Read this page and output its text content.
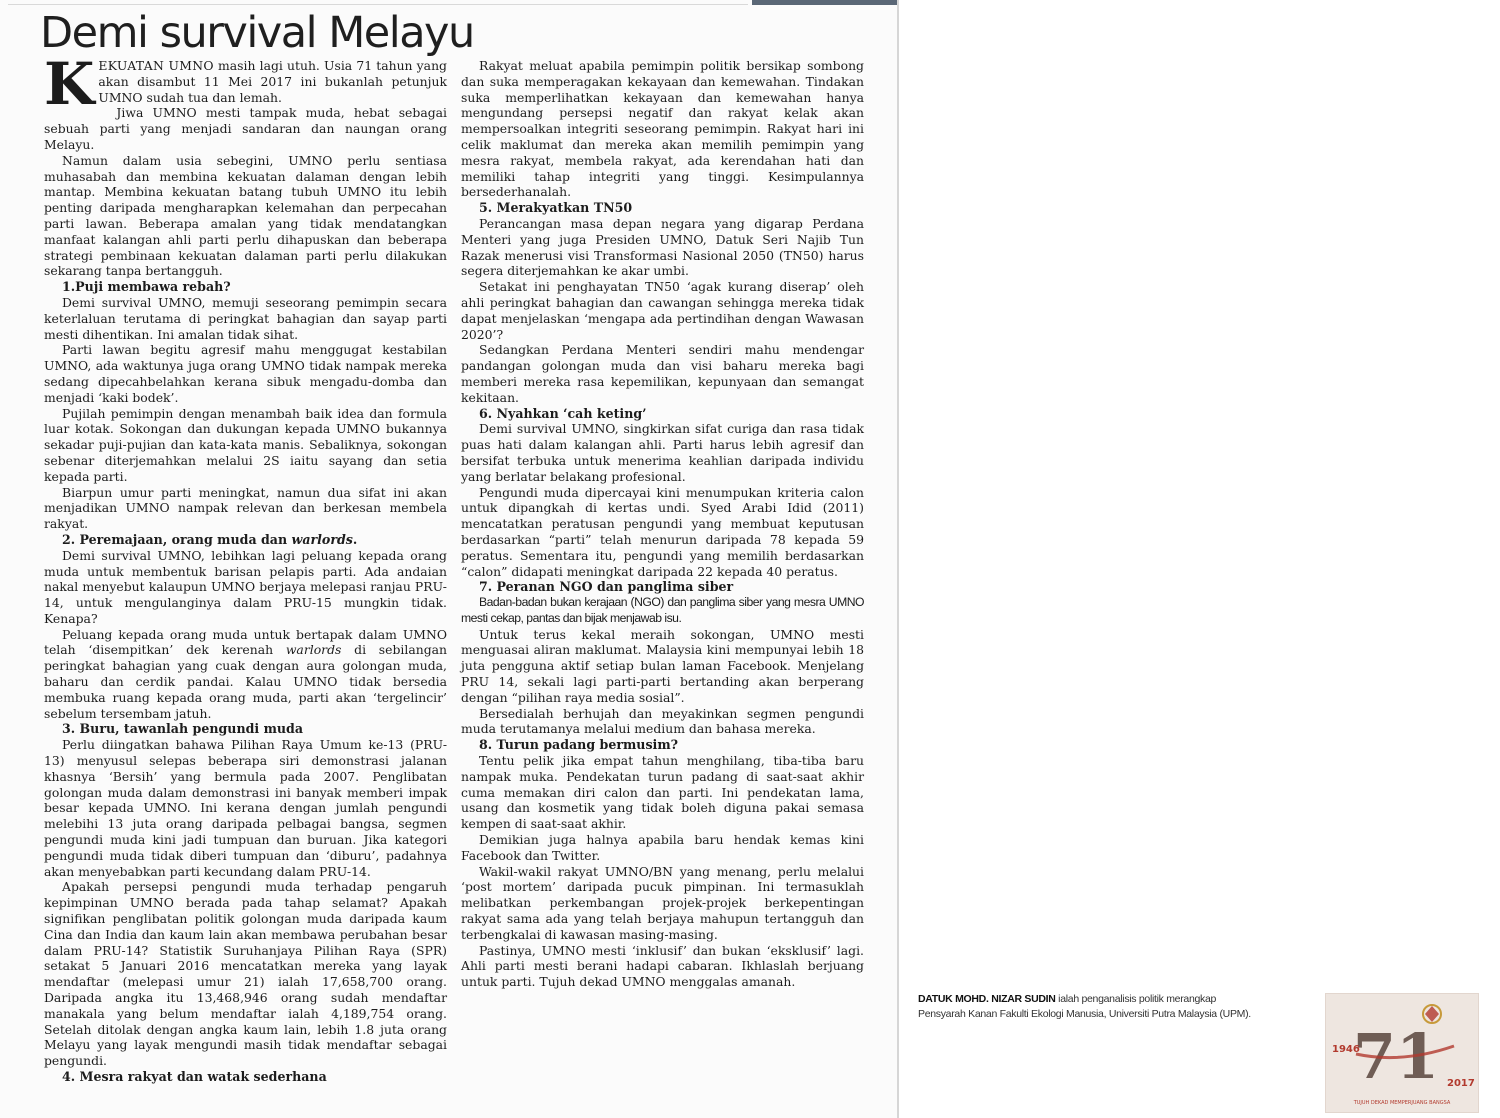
Demi survival Melayu

KEKUATAN UMNO masih lagi utuh. Usia 71 tahun yang akan disambut 11 Mei 2017 ini bukanlah petunjuk UMNO sudah tua dan lemah.

Jiwa UMNO mesti tampak muda, hebat sebagai sebuah parti yang menjadi sandaran dan naungan orang Melayu.

Namun dalam usia sebegini, UMNO perlu sentiasa muhasabah dan membina kekuatan dalaman dengan lebih mantap. Membina kekuatan batang tubuh UMNO itu lebih penting daripada mengharapkan kelemahan dan perpecahan parti lawan. Beberapa amalan yang tidak mendatangkan manfaat kalangan ahli parti perlu dihapuskan dan beberapa strategi pembinaan kekuatan dalaman parti perlu dilakukan sekarang tanpa bertangguh.

1.Puji membawa rebah?

Demi survival UMNO, memuji seseorang pemimpin secara keterlaluan terutama di peringkat bahagian dan sayap parti mesti dihentikan. Ini amalan tidak sihat.

Parti lawan begitu agresif mahu menggugat kestabilan UMNO, ada waktunya juga orang UMNO tidak nampak mereka sedang dipecahbelahkan kerana sibuk mengadu-domba dan menjadi ‘kaki bodek’.

Pujilah pemimpin dengan menambah baik idea dan formula luar kotak. Sokongan dan dukungan kepada UMNO bukannya sekadar puji-pujian dan kata-kata manis. Sebaliknya, sokongan sebenar diterjemahkan melalui 2S iaitu sayang dan setia kepada parti.

Biarpun umur parti meningkat, namun dua sifat ini akan menjadikan UMNO nampak relevan dan berkesan membela rakyat.

2. Peremajaan, orang muda dan warlords.

Demi survival UMNO, lebihkan lagi peluang kepada orang muda untuk membentuk barisan pelapis parti. Ada andaian nakal menyebut kalaupun UMNO berjaya melepasi ranjau PRU-14, untuk mengulanginya dalam PRU-15 mungkin tidak. Kenapa?

Peluang kepada orang muda untuk bertapak dalam UMNO telah ‘disempitkan’ dek kerenah warlords di sebilangan peringkat bahagian yang cuak dengan aura golongan muda, baharu dan cerdik pandai. Kalau UMNO tidak bersedia membuka ruang kepada orang muda, parti akan ‘tergelincir’ sebelum tersembam jatuh.

3. Buru, tawanlah pengundi muda

Perlu diingatkan bahawa Pilihan Raya Umum ke-13 (PRU-13) menyusul selepas beberapa siri demonstrasi jalanan khasnya ‘Bersih’ yang bermula pada 2007. Penglibatan golongan muda dalam demonstrasi ini banyak memberi impak besar kepada UMNO. Ini kerana dengan jumlah pengundi melebihi 13 juta orang daripada pelbagai bangsa, segmen pengundi muda kini jadi tumpuan dan buruan. Jika kategori pengundi muda tidak diberi tumpuan dan ‘diburu’, padahnya akan menyebabkan parti kecundang dalam PRU-14.

Apakah persepsi pengundi muda terhadap pengaruh kepimpinan UMNO berada pada tahap selamat? Apakah signifikan penglibatan politik golongan muda daripada kaum Cina dan India dan kaum lain akan membawa perubahan besar dalam PRU-14? Statistik Suruhanjaya Pilihan Raya (SPR) setakat 5 Januari 2016 mencatatkan mereka yang layak mendaftar (melepasi umur 21) ialah 17,658,700 orang. Daripada angka itu 13,468,946 orang sudah mendaftar manakala yang belum mendaftar ialah 4,189,754 orang. Setelah ditolak dengan angka kaum lain, lebih 1.8 juta orang Melayu yang layak mengundi masih tidak mendaftar sebagai pengundi.

4. Mesra rakyat dan watak sederhana

Rakyat meluat apabila pemimpin politik bersikap sombong dan suka memperagakan kekayaan dan kemewahan. Tindakan suka memperlihatkan kekayaan dan kemewahan hanya mengundang persepsi negatif dan rakyat kelak akan mempersoalkan integriti seseorang pemimpin. Rakyat hari ini celik maklumat dan mereka akan memilih pemimpin yang mesra rakyat, membela rakyat, ada kerendahan hati dan memiliki tahap integriti yang tinggi. Kesimpulannya bersederhanalah.

5. Merakyatkan TN50

Perancangan masa depan negara yang digarap Perdana Menteri yang juga Presiden UMNO, Datuk Seri Najib Tun Razak menerusi visi Transformasi Nasional 2050 (TN50) harus segera diterjemahkan ke akar umbi.

Setakat ini penghayatan TN50 ‘agak kurang diserap’ oleh ahli peringkat bahagian dan cawangan sehingga mereka tidak dapat menjelaskan ‘mengapa ada pertindihan dengan Wawasan 2020’?

Sedangkan Perdana Menteri sendiri mahu mendengar pandangan golongan muda dan visi baharu mereka bagi memberi mereka rasa kepemilikan, kepunyaan dan semangat kekitaan.

6. Nyahkan ‘cah keting’

Demi survival UMNO, singkirkan sifat curiga dan rasa tidak puas hati dalam kalangan ahli. Parti harus lebih agresif dan bersifat terbuka untuk menerima keahlian daripada individu yang berlatar belakang profesional.

Pengundi muda dipercayai kini menumpukan kriteria calon untuk dipangkah di kertas undi. Syed Arabi Idid (2011) mencatatkan peratusan pengundi yang membuat keputusan berdasarkan “parti” telah menurun daripada 78 kepada 59 peratus. Sementara itu, pengundi yang memilih berdasarkan “calon” didapati meningkat daripada 22 kepada 40 peratus.

7. Peranan NGO dan panglima siber

Badan-badan bukan kerajaan (NGO) dan panglima siber yang mesra UMNO mesti cekap, pantas dan bijak menjawab isu.

Untuk terus kekal meraih sokongan, UMNO mesti menguasai aliran maklumat. Malaysia kini mempunyai lebih 18 juta pengguna aktif setiap bulan laman Facebook. Menjelang PRU 14, sekali lagi parti-parti bertanding akan berperang dengan “pilihan raya media sosial”.

Bersedialah berhujah dan meyakinkan segmen pengundi muda terutamanya melalui medium dan bahasa mereka.

8. Turun padang bermusim?

Tentu pelik jika empat tahun menghilang, tiba-tiba baru nampak muka. Pendekatan turun padang di saat-saat akhir cuma memakan diri calon dan parti. Ini pendekatan lama, usang dan kosmetik yang tidak boleh diguna pakai semasa kempen di saat-saat akhir.

Demikian juga halnya apabila baru hendak kemas kini Facebook dan Twitter.

Wakil-wakil rakyat UMNO/BN yang menang, perlu melalui ‘post mortem’ daripada pucuk pimpinan. Ini termasuklah melibatkan perkembangan projek-projek berkepentingan rakyat sama ada yang telah berjaya mahupun tertangguh dan terbengkalai di kawasan masing-masing.

Pastinya, UMNO mesti ‘inklusif’ dan bukan ‘eksklusif’ lagi. Ahli parti mesti berani hadapi cabaran. Ikhlaslah berjuang untuk parti. Tujuh dekad UMNO menggalas amanah.

DATUK MOHD. NIZAR SUDIN ialah penganalisis politik merangkap
Pensyarah Kanan Fakulti Ekologi Manusia, Universiti Putra Malaysia (UPM).
71
1946
2017
TUJUH DEKAD MEMPERJUANG BANGSA
